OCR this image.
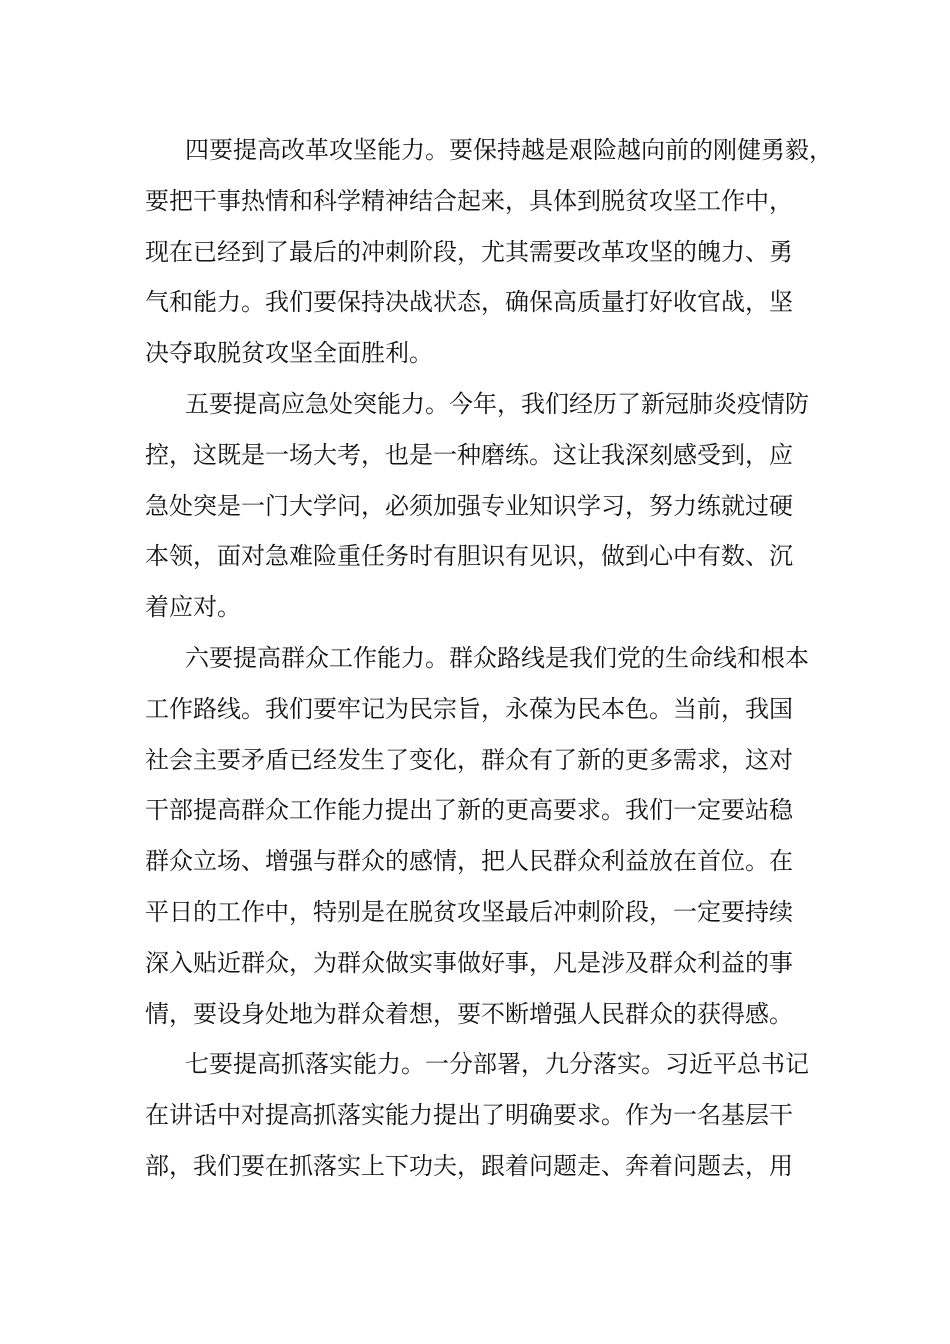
四要提高改革攻坚能力。要保持越是艰险越向前的刚健勇毅，
要把干事热情和科学精神结合起来，具体到脱贫攻坚工作中，
现在已经到了最后的冲刺阶段，尤其需要改革攻坚的魄力、勇
气和能力。我们要保持决战状态，确保高质量打好收官战，坚
决夺取脱贫攻坚全面胜利。
五要提高应急处突能力。今年，我们经历了新冠肺炎疫情防
控，这既是一场大考，也是一种磨练。这让我深刻感受到，应
急处突是一门大学问，必须加强专业知识学习，努力练就过硬
本领，面对急难险重任务时有胆识有见识，做到心中有数、沉
着应对。
六要提高群众工作能力。群众路线是我们党的生命线和根本
工作路线。我们要牢记为民宗旨，永葆为民本色。当前，我国
社会主要矛盾已经发生了变化，群众有了新的更多需求，这对
干部提高群众工作能力提出了新的更高要求。我们一定要站稳
群众立场、增强与群众的感情，把人民群众利益放在首位。在
平日的工作中，特别是在脱贫攻坚最后冲刺阶段，一定要持续
深入贴近群众，为群众做实事做好事，凡是涉及群众利益的事
情，要设身处地为群众着想，要不断增强人民群众的获得感。
七要提高抓落实能力。一分部署，九分落实。习近平总书记
在讲话中对提高抓落实能力提出了明确要求。作为一名基层干
部，我们要在抓落实上下功夫，跟着问题走、奔着问题去，用
